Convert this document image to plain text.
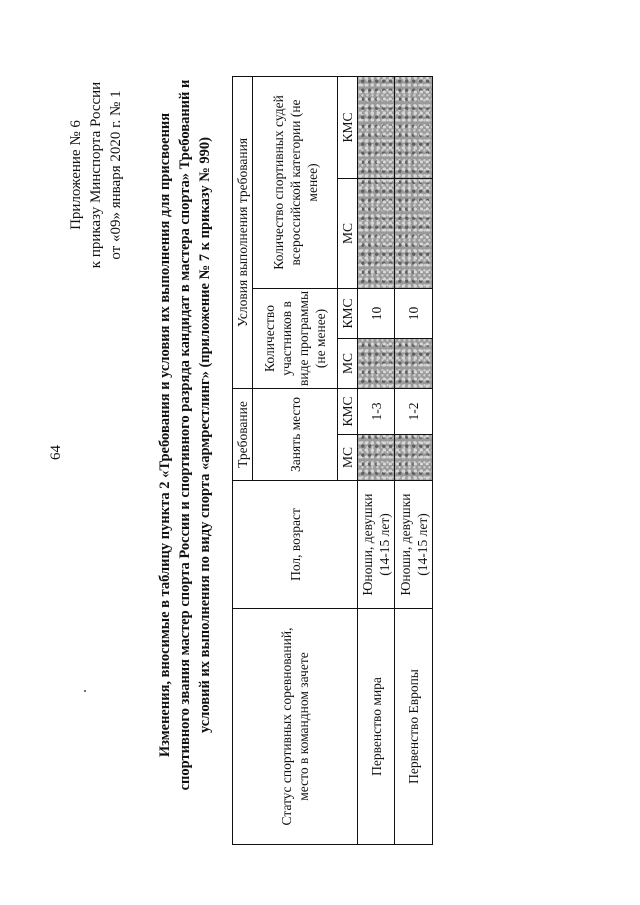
64
Приложение № 6 к приказу Минспорта России от «09» января 2020 г. № 1 Изменения, вносимые в таблицу пункта 2 «Требования и условия их выполнения для присвоения спортивного звания мастер спорта России и спортивного разряда кандидат в мастера спорта» Требований и условий их выполнения по виду спорта «армрестлинг» (приложение № 7 к приказу № 990)	Статус спортивных соревнований, место в командном зачете	Пол, возраст	Требование		Условия выполнения требования			
		Занять место		Количество участников в виде программы (не менее)		Количество спортивных судей всероссийской категории (не менее)	
		МС	КМС	МС	КМС	МС	КМС
Первенство мира	Юноши, девушки (14-15 лет)		1-3		10		
Первенство Европы	Юноши, девушки (14-15 лет)		1-2		10		
